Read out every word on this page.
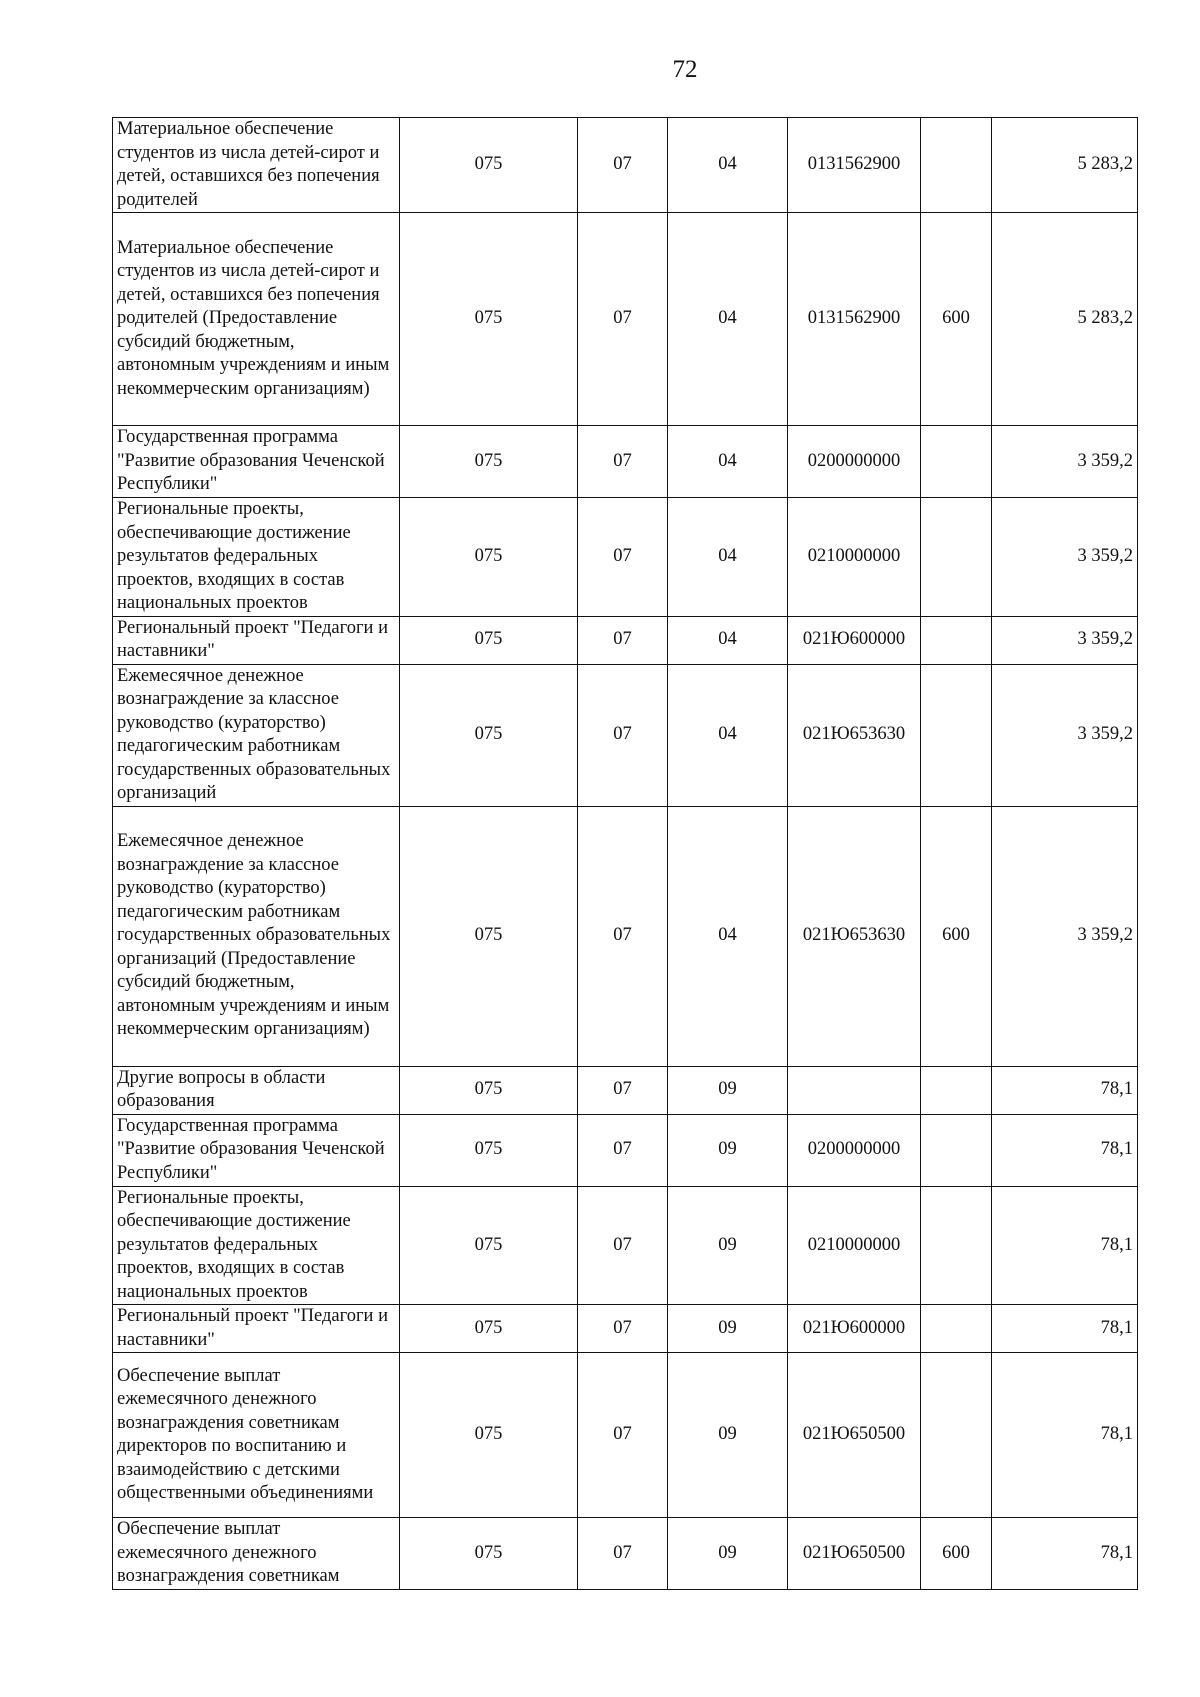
72
Материальное обеспечение студентов из числа детей-сирот и детей, оставшихся без попечения родителей	075	07	04	0131562900		5 283,2
Материальное обеспечение студентов из числа детей-сирот и детей, оставшихся без попечения родителей (Предоставление субсидий бюджетным, автономным учреждениям и иным некоммерческим организациям)	075	07	04	0131562900	600	5 283,2
Государственная программа "Развитие образования Чеченской Республики"	075	07	04	0200000000		3 359,2
Региональные проекты, обеспечивающие достижение результатов федеральных проектов, входящих в состав национальных проектов	075	07	04	0210000000		3 359,2
Региональный проект "Педагоги и наставники"	075	07	04	021Ю600000		3 359,2
Ежемесячное денежное вознаграждение за классное руководство (кураторство) педагогическим работникам государственных образовательных организаций	075	07	04	021Ю653630		3 359,2
Ежемесячное денежное вознаграждение за классное руководство (кураторство) педагогическим работникам государственных образовательных организаций (Предоставление субсидий бюджетным, автономным учреждениям и иным некоммерческим организациям)	075	07	04	021Ю653630	600	3 359,2
Другие вопросы в области образования	075	07	09			78,1
Государственная программа "Развитие образования Чеченской Республики"	075	07	09	0200000000		78,1
Региональные проекты, обеспечивающие достижение результатов федеральных проектов, входящих в состав национальных проектов	075	07	09	0210000000		78,1
Региональный проект "Педагоги и наставники"	075	07	09	021Ю600000		78,1
Обеспечение выплат ежемесячного денежного вознаграждения советникам директоров по воспитанию и взаимодействию с детскими общественными объединениями	075	07	09	021Ю650500		78,1
Обеспечение выплат ежемесячного денежного вознаграждения советникам	075	07	09	021Ю650500	600	78,1
